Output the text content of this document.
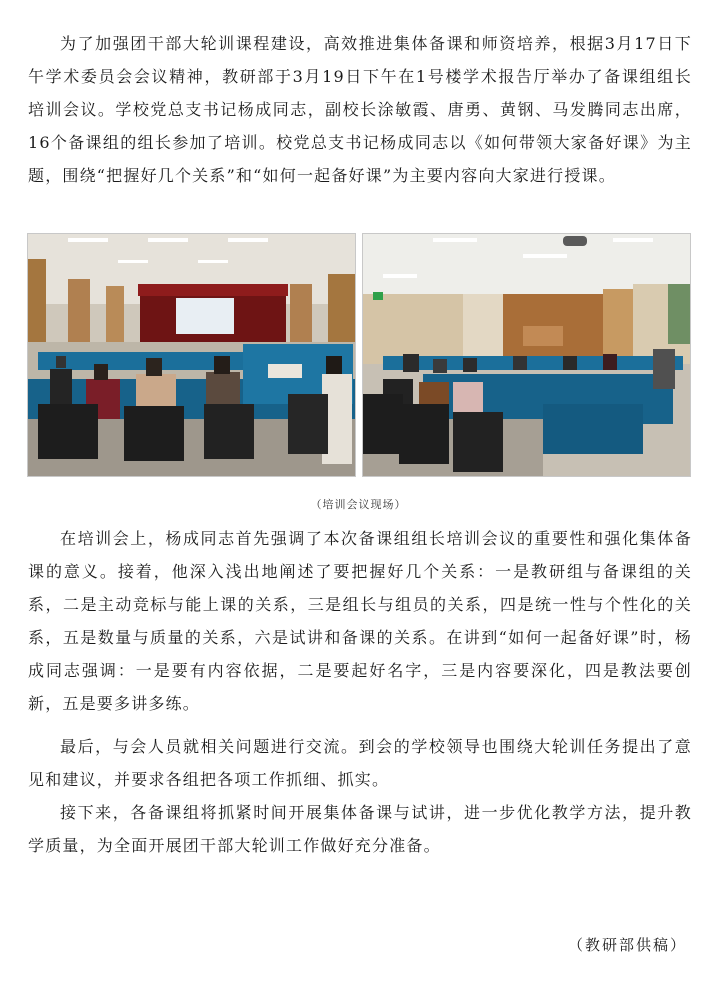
为了加强团干部大轮训课程建设，高效推进集体备课和师资培养，根据3月17日下午学术委员会会议精神，教研部于3月19日下午在1号楼学术报告厅举办了备课组组长培训会议。学校党总支书记杨成同志，副校长涂敏霞、唐勇、黄钢、马发腾同志出席，16个备课组的组长参加了培训。校党总支书记杨成同志以《如何带领大家备好课》为主题，围绕“把握好几个关系”和“如何一起备好课”为主要内容向大家进行授课。

（培训会议现场）

在培训会上，杨成同志首先强调了本次备课组组长培训会议的重要性和强化集体备课的意义。接着，他深入浅出地阐述了要把握好几个关系：一是教研组与备课组的关系，二是主动竞标与能上课的关系，三是组长与组员的关系，四是统一性与个性化的关系，五是数量与质量的关系，六是试讲和备课的关系。在讲到“如何一起备好课”时，杨成同志强调：一是要有内容依据，二是要起好名字，三是内容要深化，四是教法要创新，五是要多讲多练。

最后，与会人员就相关问题进行交流。到会的学校领导也围绕大轮训任务提出了意见和建议，并要求各组把各项工作抓细、抓实。

接下来，各备课组将抓紧时间开展集体备课与试讲，进一步优化教学方法，提升教学质量，为全面开展团干部大轮训工作做好充分准备。

（教研部供稿）
